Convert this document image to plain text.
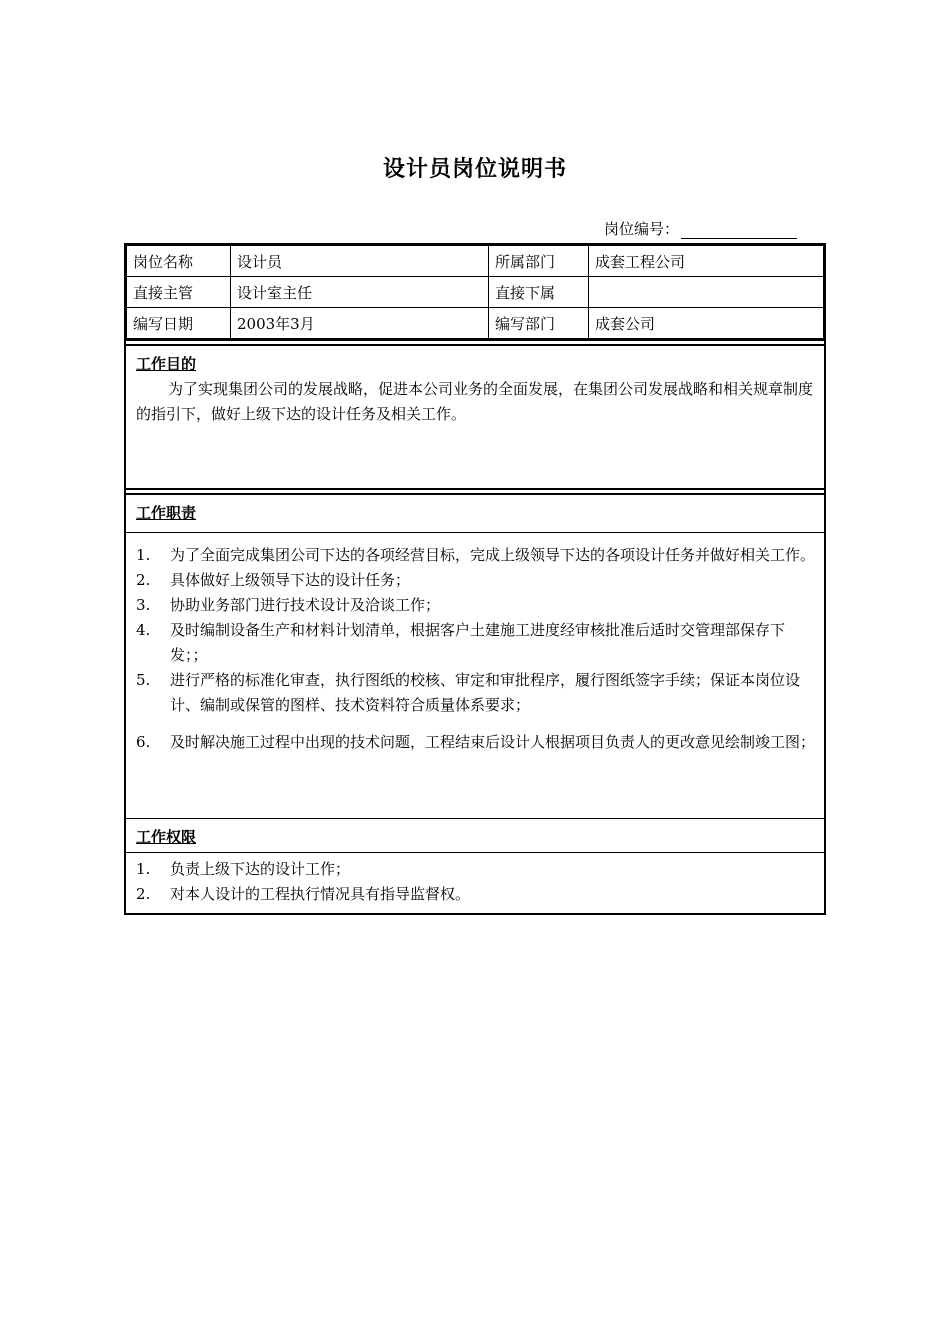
设计员岗位说明书
岗位编号：
岗位名称	设计员	所属部门	成套工程公司
直接主管	设计室主任	直接下属	
编写日期	2003年3月	编写部门	成套公司
工作目的

为了实现集团公司的发展战略，促进本公司业务的全面发展，在集团公司发展战略和相关规章制度的指引下，做好上级下达的设计任务及相关工作。

工作职责
1.	为了全面完成集团公司下达的各项经营目标，完成上级领导下达的各项设计任务并做好相关工作。
2.	具体做好上级领导下达的设计任务；
3.	协助业务部门进行技术设计及洽谈工作；
4.	及时编制设备生产和材料计划清单，根据客户土建施工进度经审核批准后适时交管理部保存下发；；
5.	进行严格的标准化审查，执行图纸的校核、审定和审批程序，履行图纸签字手续；保证本岗位设计、编制或保管的图样、技术资料符合质量体系要求；
6.	及时解决施工过程中出现的技术问题，工程结束后设计人根据项目负责人的更改意见绘制竣工图；
工作权限
1.	负责上级下达的设计工作；
2.	对本人设计的工程执行情况具有指导监督权。
